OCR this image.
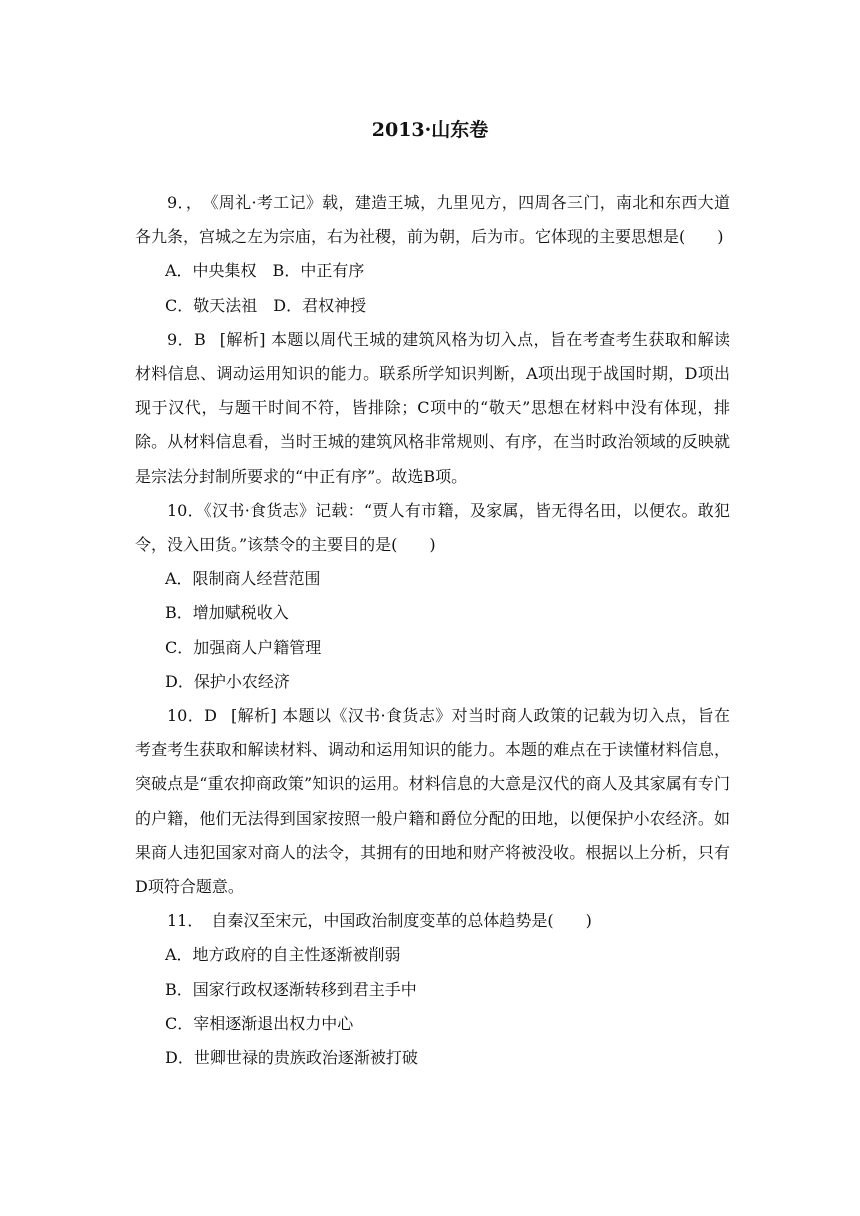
2013·山东卷

9．，　《周礼·考工记》载，建造王城，九里见方，四周各三门，南北和东西大道各九条，宫城之左为宗庙，右为社稷，前为朝，后为市。它体现的主要思想是(　　)

A．中央集权　B．中正有序

C．敬天法祖　D．君权神授

9．B [解析] 本题以周代王城的建筑风格为切入点，旨在考查考生获取和解读材料信息、调动运用知识的能力。联系所学知识判断，A项出现于战国时期，D项出现于汉代，与题干时间不符，皆排除；C项中的“敬天”思想在材料中没有体现，排除。从材料信息看，当时王城的建筑风格非常规则、有序，在当时政治领域的反映就是宗法分封制所要求的“中正有序”。故选B项。

10．《汉书·食货志》记载：“贾人有市籍，及家属，皆无得名田，以便农。敢犯令，没入田货。”该禁令的主要目的是(　　)

A．限制商人经营范围

B．增加赋税收入

C．加强商人户籍管理

D．保护小农经济

10．D [解析] 本题以《汉书·食货志》对当时商人政策的记载为切入点，旨在考查考生获取和解读材料、调动和运用知识的能力。本题的难点在于读懂材料信息，突破点是“重农抑商政策”知识的运用。材料信息的大意是汉代的商人及其家属有专门的户籍，他们无法得到国家按照一般户籍和爵位分配的田地，以便保护小农经济。如果商人违犯国家对商人的法令，其拥有的田地和财产将被没收。根据以上分析，只有D项符合题意。

11．　自秦汉至宋元，中国政治制度变革的总体趋势是(　　)

A．地方政府的自主性逐渐被削弱

B．国家行政权逐渐转移到君主手中

C．宰相逐渐退出权力中心

D．世卿世禄的贵族政治逐渐被打破
